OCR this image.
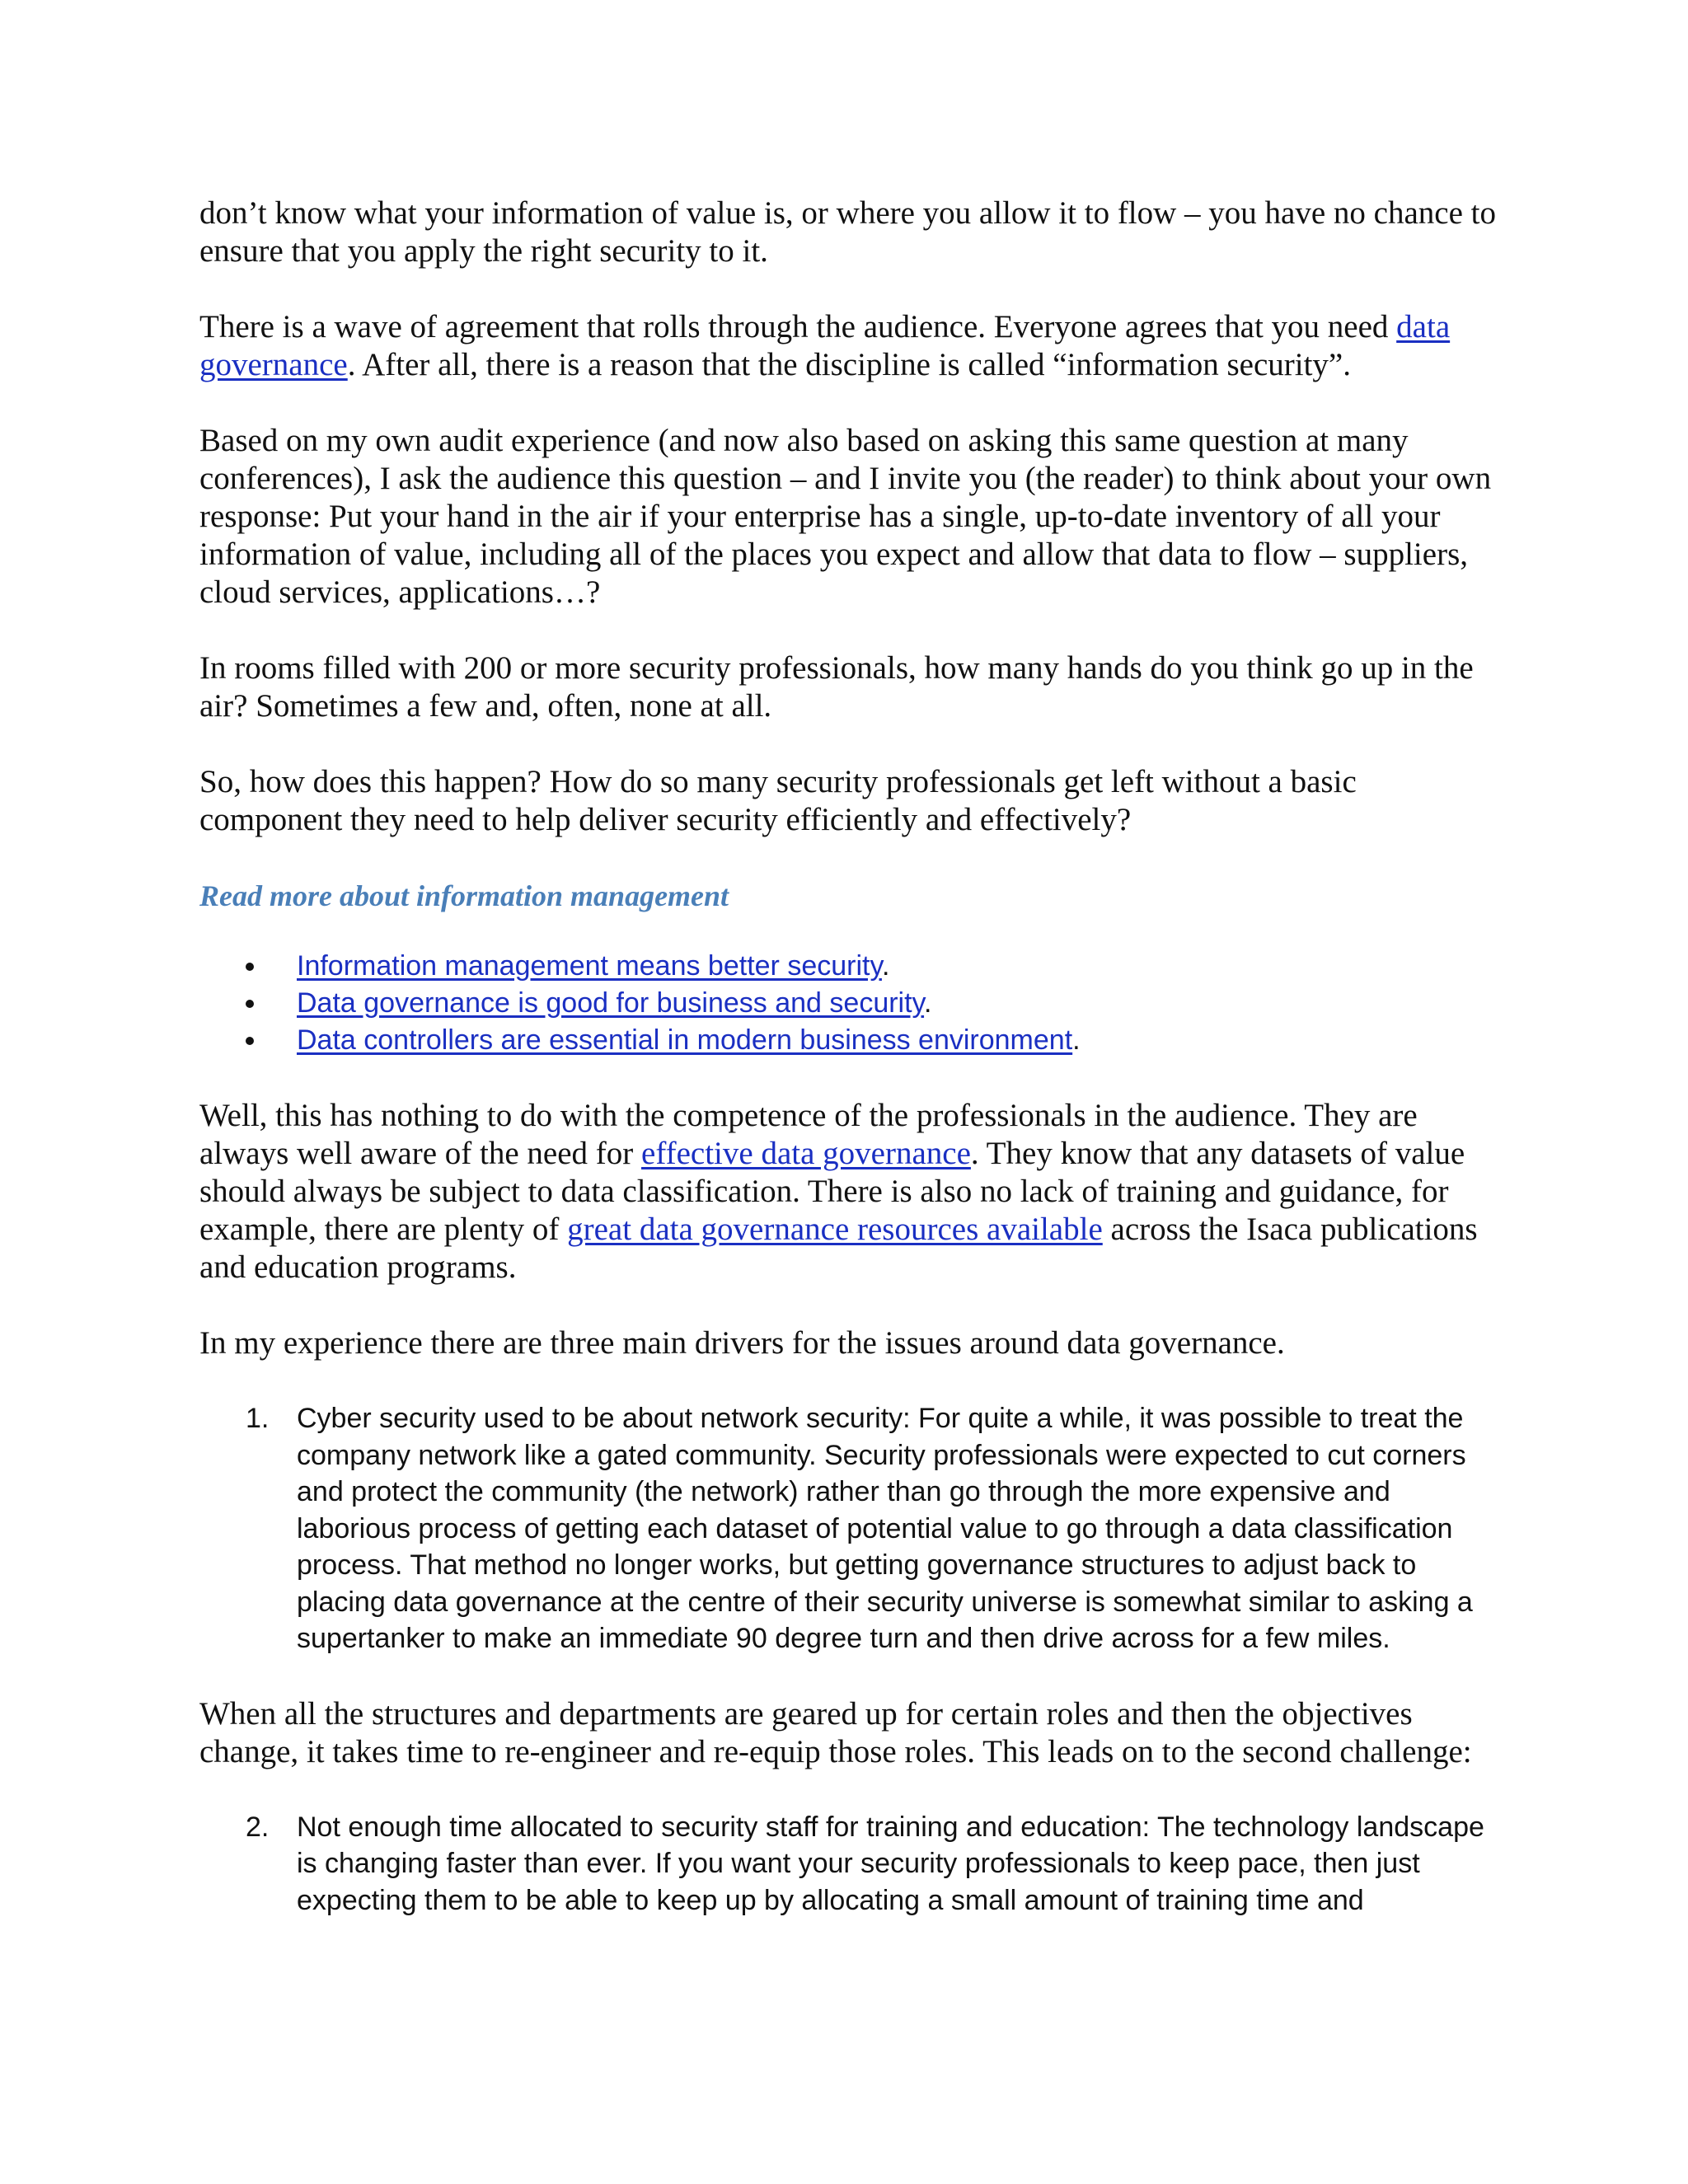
don’t know what your information of value is, or where you allow it to flow – you have no chance to ensure that you apply the right security to it.

There is a wave of agreement that rolls through the audience. Everyone agrees that you need data governance. After all, there is a reason that the discipline is called “information security”.

Based on my own audit experience (and now also based on asking this same question at many conferences), I ask the audience this question – and I invite you (the reader) to think about your own response: Put your hand in the air if your enterprise has a single, up-to-date inventory of all your information of value, including all of the places you expect and allow that data to flow – suppliers, cloud services, applications…?

In rooms filled with 200 or more security professionals, how many hands do you think go up in the air? Sometimes a few and, often, none at all.

So, how does this happen? How do so many security professionals get left without a basic component they need to help deliver security efficiently and effectively?

Read more about information management

Information management means better security.
Data governance is good for business and security.
Data controllers are essential in modern business environment.

Well, this has nothing to do with the competence of the professionals in the audience. They are always well aware of the need for effective data governance. They know that any datasets of value should always be subject to data classification. There is also no lack of training and guidance, for example, there are plenty of great data governance resources available across the Isaca publications and education programs.

In my experience there are three main drivers for the issues around data governance.

1. Cyber security used to be about network security: For quite a while, it was possible to treat the company network like a gated community. Security professionals were expected to cut corners and protect the community (the network) rather than go through the more expensive and laborious process of getting each dataset of potential value to go through a data classification process. That method no longer works, but getting governance structures to adjust back to placing data governance at the centre of their security universe is somewhat similar to asking a supertanker to make an immediate 90 degree turn and then drive across for a few miles.

When all the structures and departments are geared up for certain roles and then the objectives change, it takes time to re-engineer and re-equip those roles. This leads on to the second challenge:

2. Not enough time allocated to security staff for training and education: The technology landscape is changing faster than ever. If you want your security professionals to keep pace, then just expecting them to be able to keep up by allocating a small amount of training time and
